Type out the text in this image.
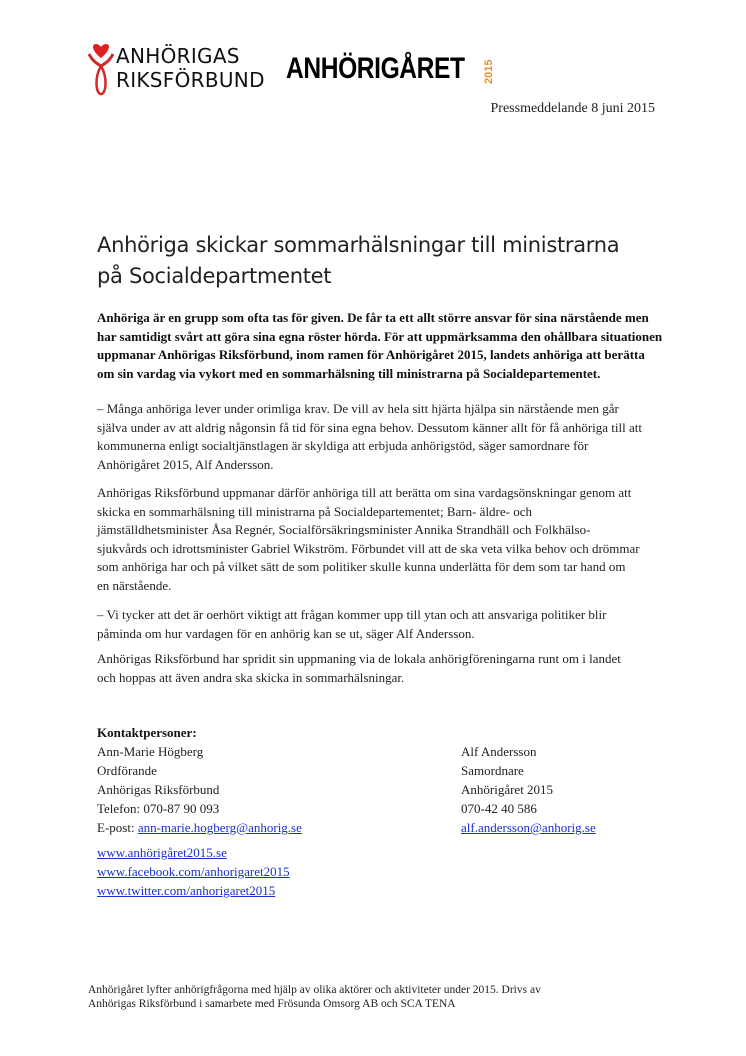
ANHÖRIGAS
RIKSFÖRBUND ANHÖRIGÅRET 2015
Pressmeddelande 8 juni 2015
Anhöriga skickar sommarhälsningar till ministrarna
på Socialdepartmentet
Anhöriga är en grupp som ofta tas för given. De får ta ett allt större ansvar för sina närstående men
har samtidigt svårt att göra sina egna röster hörda. För att uppmärksamma den ohållbara situationen
uppmanar Anhörigas Riksförbund, inom ramen för Anhörigåret 2015, landets anhöriga att berätta
om sin vardag via vykort med en sommarhälsning till ministrarna på Socialdepartementet.
– Många anhöriga lever under orimliga krav. De vill av hela sitt hjärta hjälpa sin närstående men går
själva under av att aldrig någonsin få tid för sina egna behov. Dessutom känner allt för få anhöriga till att
kommunerna enligt socialtjänstlagen är skyldiga att erbjuda anhörigstöd, säger samordnare för
Anhörigåret 2015, Alf Andersson.
Anhörigas Riksförbund uppmanar därför anhöriga till att berätta om sina vardagsönskningar genom att
skicka en sommarhälsning till ministrarna på Socialdepartementet; Barn- äldre- och
jämställdhetsminister Åsa Regnér, Socialförsäkringsminister Annika Strandhäll och Folkhälso-
sjukvårds och idrottsminister Gabriel Wikström. Förbundet vill att de ska veta vilka behov och drömmar
som anhöriga har och på vilket sätt de som politiker skulle kunna underlätta för dem som tar hand om
en närstående.
– Vi tycker att det är oerhört viktigt att frågan kommer upp till ytan och att ansvariga politiker blir
påminda om hur vardagen för en anhörig kan se ut, säger Alf Andersson.
Anhörigas Riksförbund har spridit sin uppmaning via de lokala anhörigföreningarna runt om i landet
och hoppas att även andra ska skicka in sommarhälsningar.
Kontaktpersoner:
Ann-Marie Högberg
Ordförande
Anhörigas Riksförbund
Telefon: 070-87 90 093
E-post: ann-marie.hogberg@anhorig.se
Alf Andersson
Samordnare
Anhörigåret 2015
070-42 40 586
alf.andersson@anhorig.se
www.anhörigåret2015.se
www.facebook.com/anhorigaret2015
www.twitter.com/anhorigaret2015
Anhörigåret lyfter anhörigfrågorna med hjälp av olika aktörer och aktiviteter under 2015. Drivs av
Anhörigas Riksförbund i samarbete med Frösunda Omsorg AB och SCA TENA
